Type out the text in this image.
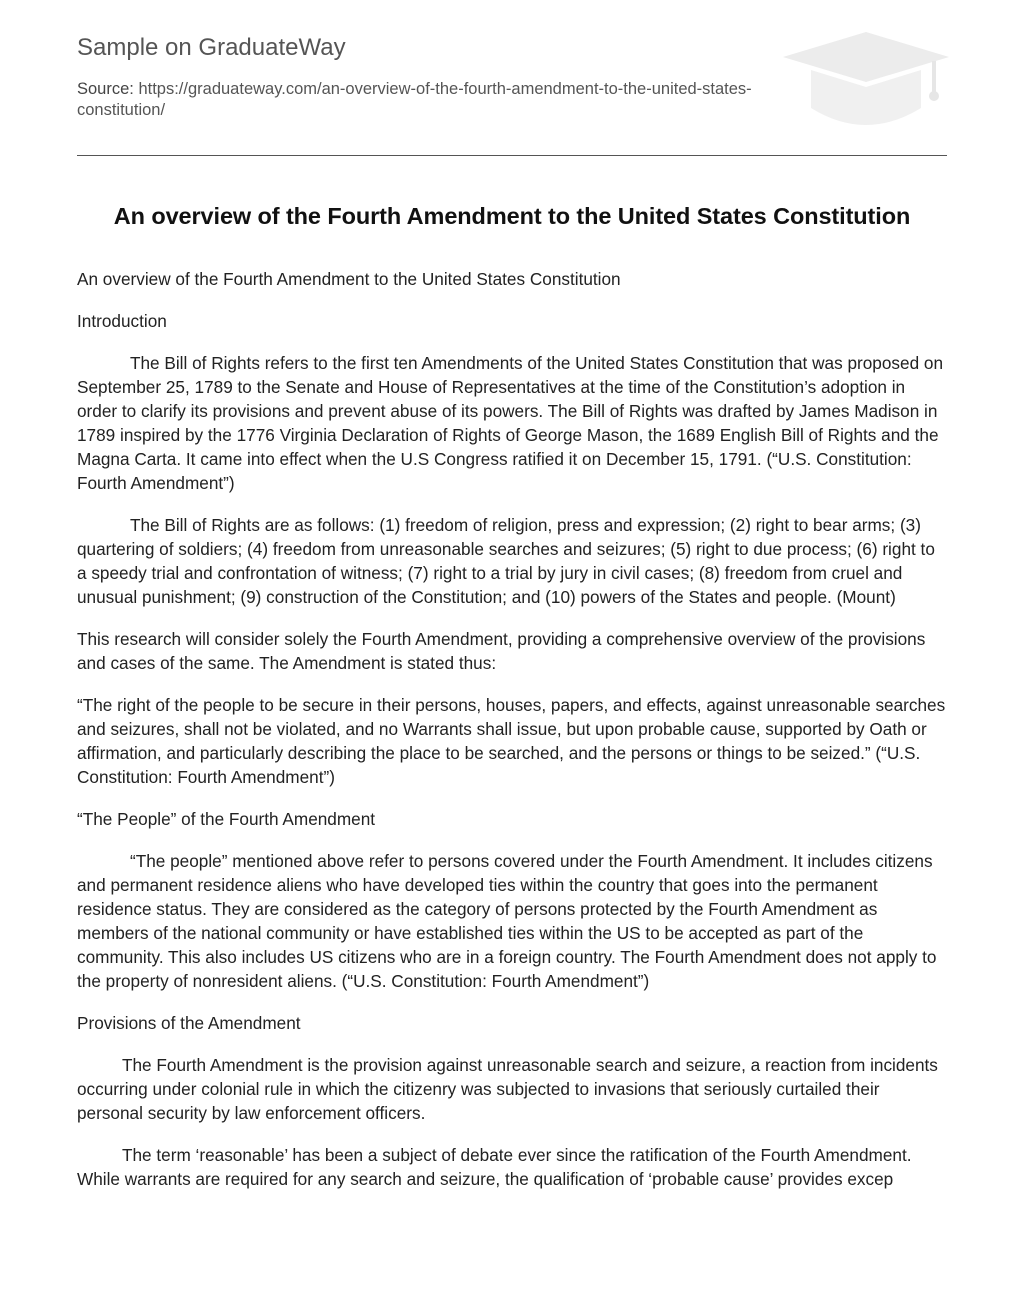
Sample on GraduateWay
Source: https://graduateway.com/an-overview-of-the-fourth-amendment-to-the-united-states-constitution/
An overview of the Fourth Amendment to the United States Constitution

An overview of the Fourth Amendment to the United States Constitution

Introduction

The Bill of Rights refers to the first ten Amendments of the United States Constitution that was proposed on September 25, 1789 to the Senate and House of Representatives at the time of the Constitution’s adoption in order to clarify its provisions and prevent abuse of its powers. The Bill of Rights was drafted by James Madison in 1789 inspired by the 1776 Virginia Declaration of Rights of George Mason, the 1689 English Bill of Rights and the Magna Carta. It came into effect when the U.S Congress ratified it on December 15, 1791. (“U.S. Constitution: Fourth Amendment”)

The Bill of Rights are as follows: (1) freedom of religion, press and expression; (2) right to bear arms; (3) quartering of soldiers; (4) freedom from unreasonable searches and seizures; (5) right to due process; (6) right to a speedy trial and confrontation of witness; (7) right to a trial by jury in civil cases; (8) freedom from cruel and unusual punishment; (9) construction of the Constitution; and (10) powers of the States and people. (Mount)

This research will consider solely the Fourth Amendment, providing a comprehensive overview of the provisions and cases of the same. The Amendment is stated thus:

“The right of the people to be secure in their persons, houses, papers, and effects, against unreasonable searches and seizures, shall not be violated, and no Warrants shall issue, but upon probable cause, supported by Oath or affirmation, and particularly describing the place to be searched, and the persons or things to be seized.” (“U.S. Constitution: Fourth Amendment”)

“The People” of the Fourth Amendment

“The people” mentioned above refer to persons covered under the Fourth Amendment. It includes citizens and permanent residence aliens who have developed ties within the country that goes into the permanent residence status. They are considered as the category of persons protected by the Fourth Amendment as members of the national community or have established ties within the US to be accepted as part of the community. This also includes US citizens who are in a foreign country. The Fourth Amendment does not apply to the property of nonresident aliens. (“U.S. Constitution: Fourth Amendment”)

Provisions of the Amendment

The Fourth Amendment is the provision against unreasonable search and seizure, a reaction from incidents occurring under colonial rule in which the citizenry was subjected to invasions that seriously curtailed their personal security by law enforcement officers.

The term ‘reasonable’ has been a subject of debate ever since the ratification of the Fourth Amendment. While warrants are required for any search and seizure, the qualification of ‘probable cause’ provides excep
